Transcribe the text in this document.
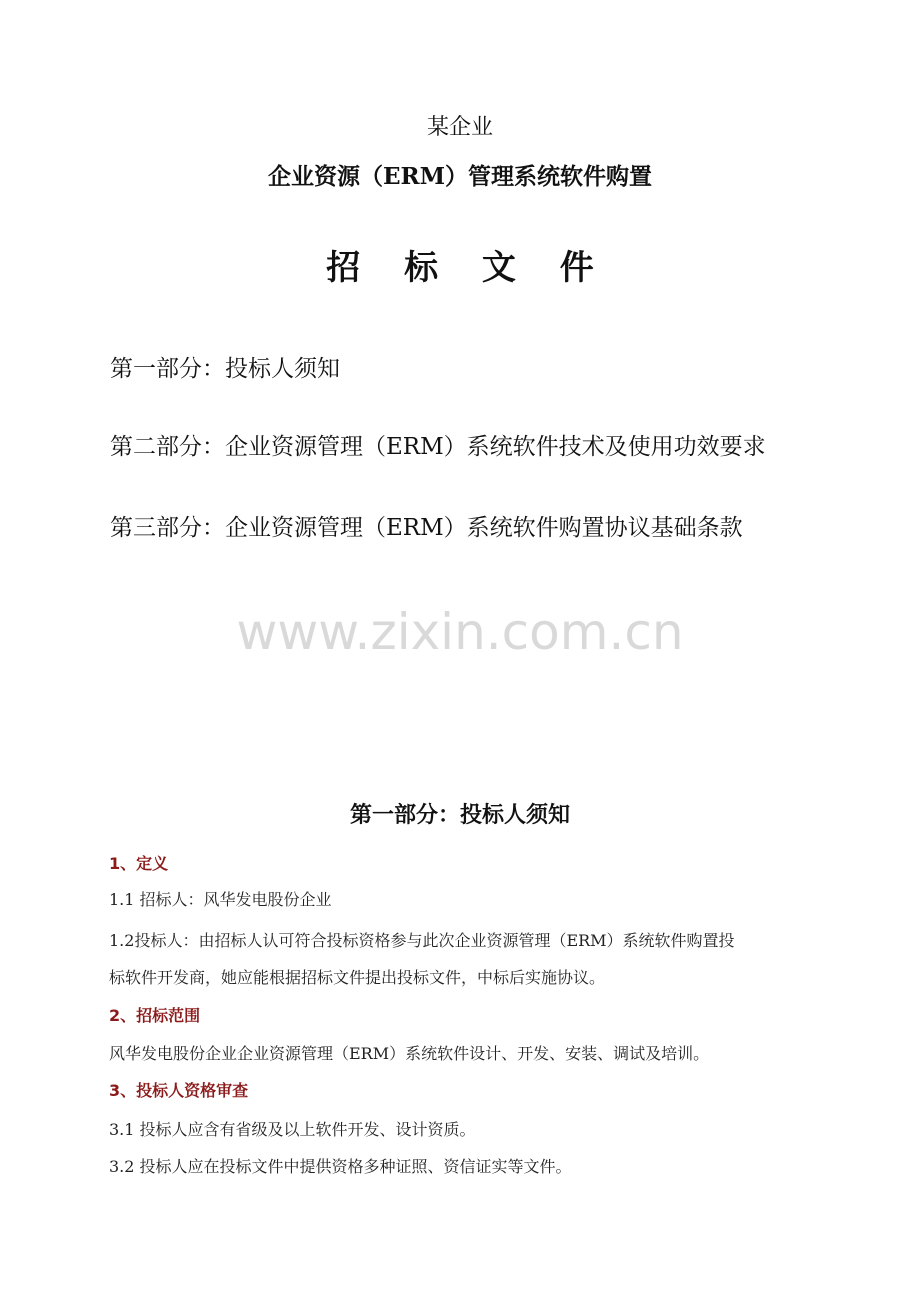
某企业
企业资源（ERM）管理系统软件购置
招 标 文 件
第一部分：投标人须知
第二部分：企业资源管理（ERM）系统软件技术及使用功效要求
第三部分：企业资源管理（ERM）系统软件购置协议基础条款
www.zixin.com.cn
第一部分：投标人须知
1、定义
1.1 招标人：风华发电股份企业
1.2投标人：由招标人认可符合投标资格参与此次企业资源管理（ERM）系统软件购置投
标软件开发商，她应能根据招标文件提出投标文件，中标后实施协议。
2、招标范围
风华发电股份企业企业资源管理（ERM）系统软件设计、开发、安装、调试及培训。
3、投标人资格审查
3.1 投标人应含有省级及以上软件开发、设计资质。
3.2 投标人应在投标文件中提供资格多种证照、资信证实等文件。
